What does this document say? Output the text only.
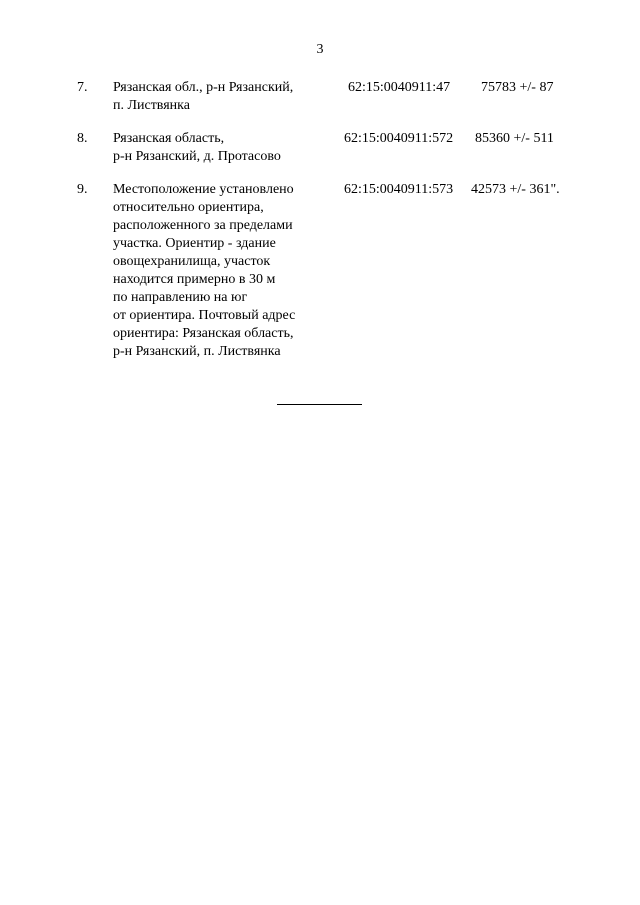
3
7. Рязанская обл., р-н Рязанский,
п. Листвянка
62:15:0040911:47 75783 +/- 87
8. Рязанская область,
р-н Рязанский, д. Протасово
62:15:0040911:572 85360 +/- 511
9. Местоположение установлено
относительно ориентира,
расположенного за пределами
участка. Ориентир - здание
овощехранилища, участок
находится примерно в 30 м
по направлению на юг
от ориентира. Почтовый адрес
ориентира: Рязанская область,
р-н Рязанский, п. Листвянка
62:15:0040911:573 42573 +/- 361".
